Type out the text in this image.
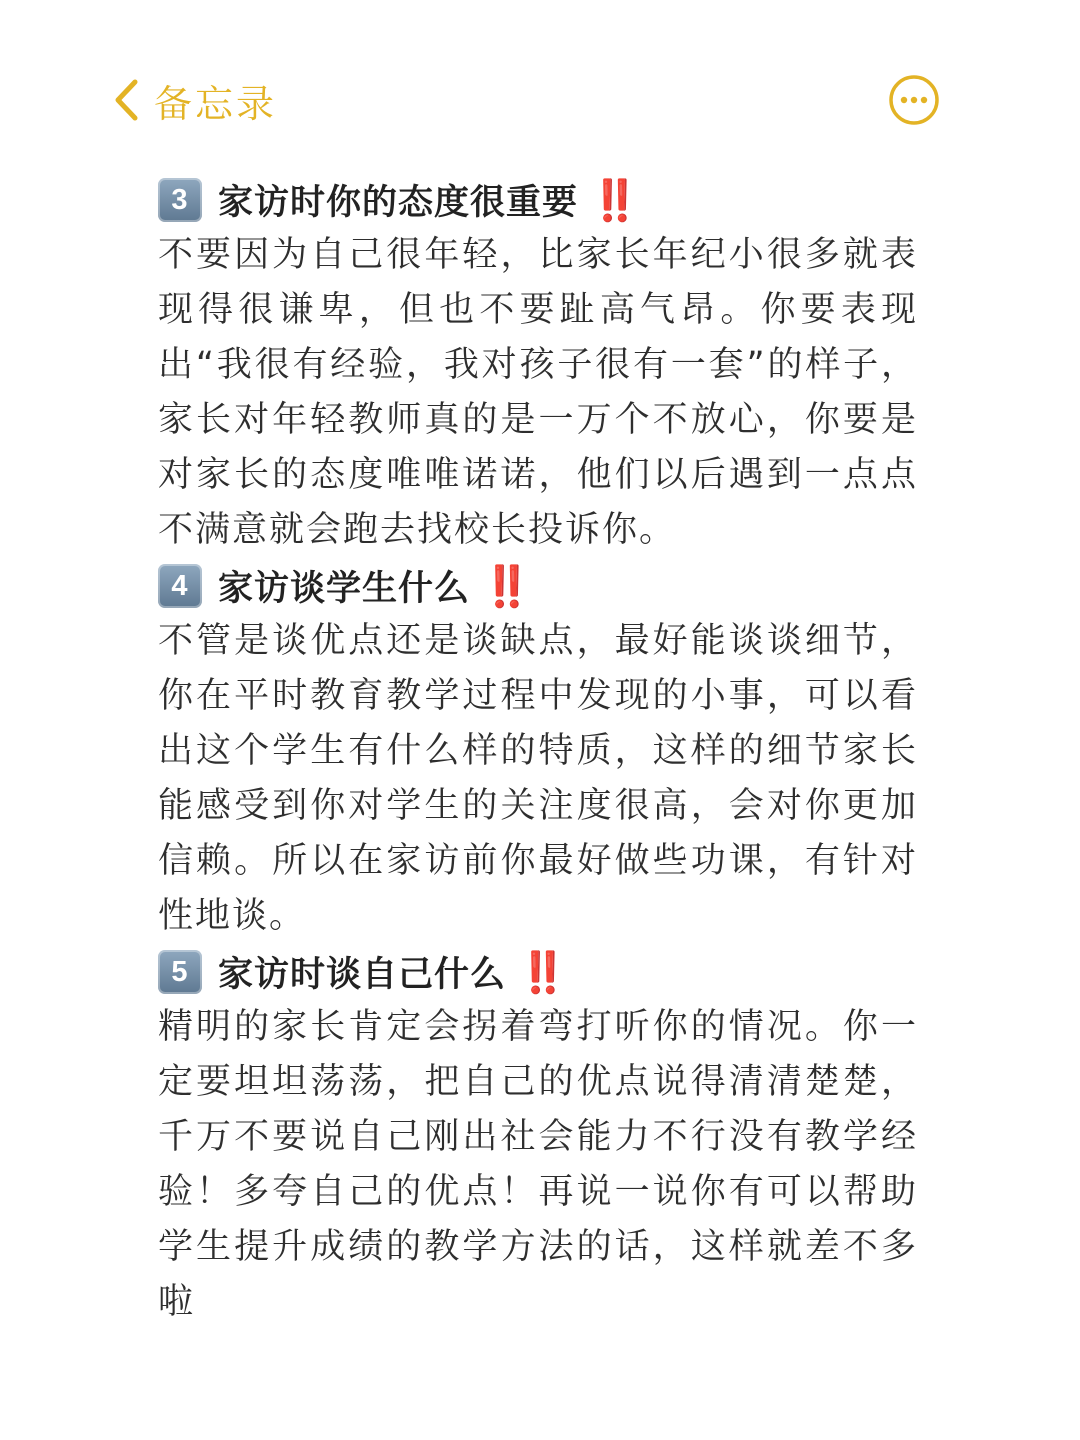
备忘录
3 家访时你的态度很重要 ‼️

不要因为自己很年轻，比家长年纪小很多就表现得很谦卑，但也不要趾高气昂。你要表现出“我很有经验，我对孩子很有一套”的样子，家长对年轻教师真的是一万个不放心，你要是对家长的态度唯唯诺诺，他们以后遇到一点点不满意就会跑去找校长投诉你。

4 家访谈学生什么 ‼️

不管是谈优点还是谈缺点，最好能谈谈细节，你在平时教育教学过程中发现的小事，可以看出这个学生有什么样的特质，这样的细节家长能感受到你对学生的关注度很高，会对你更加信赖。所以在家访前你最好做些功课，有针对性地谈。

5 家访时谈自己什么 ‼️

精明的家长肯定会拐着弯打听你的情况。你一定要坦坦荡荡，把自己的优点说得清清楚楚，千万不要说自己刚出社会能力不行没有教学经验！多夸自己的优点！再说一说你有可以帮助学生提升成绩的教学方法的话，这样就差不多啦
